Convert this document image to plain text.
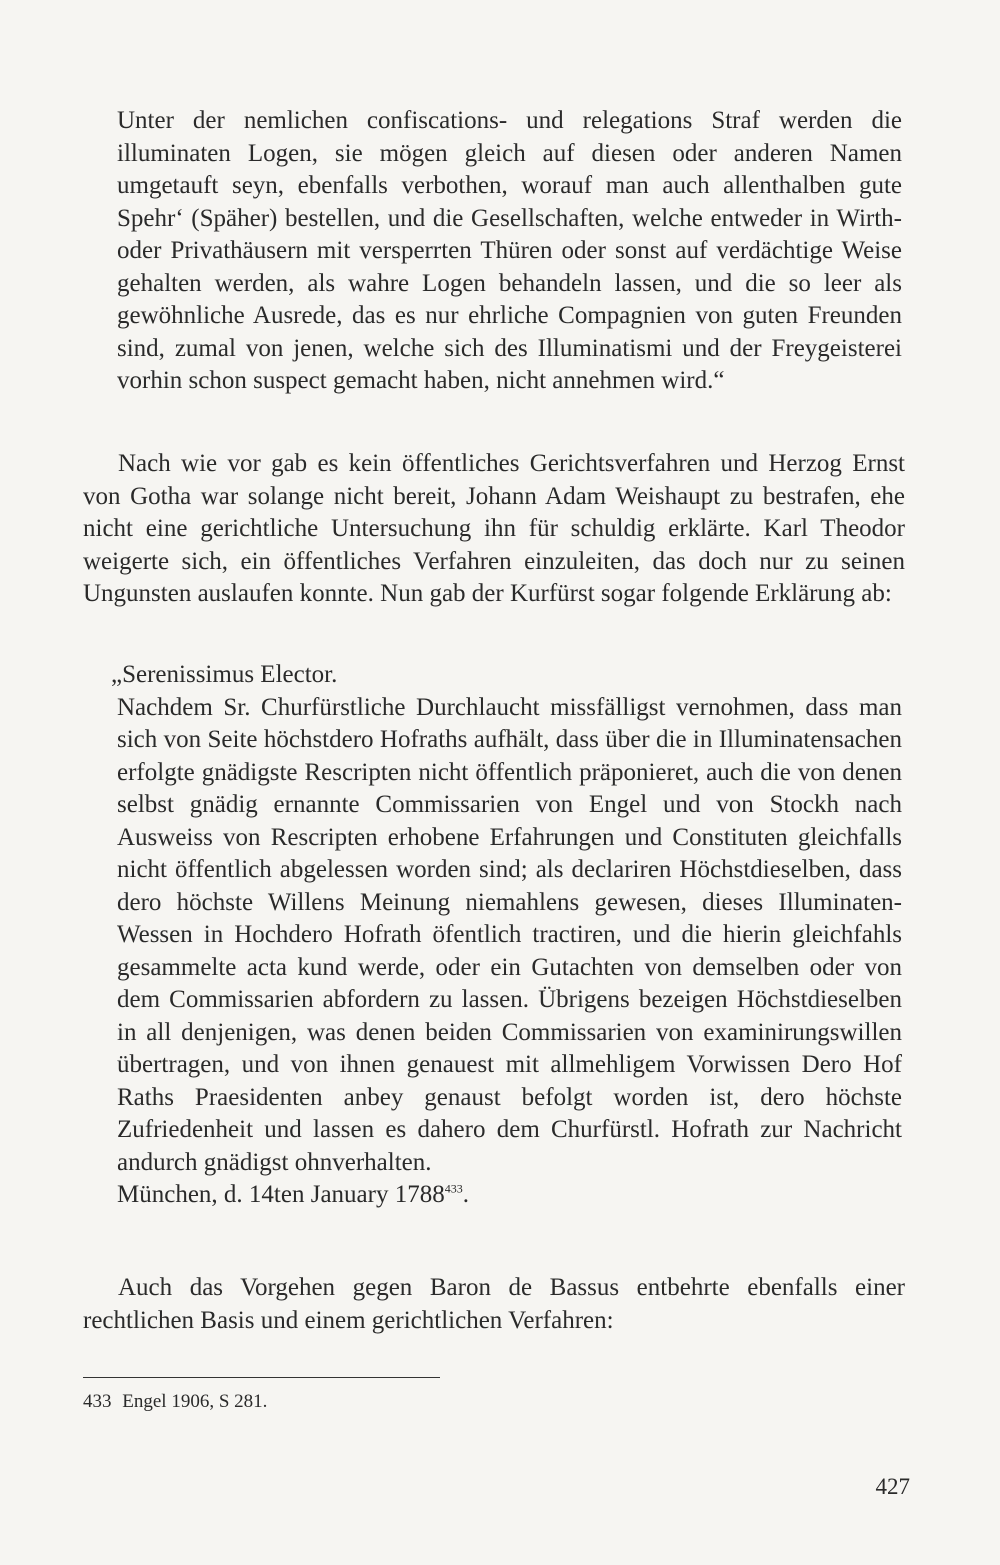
Unter der nemlichen confiscations- und relegations Straf werden die illuminaten Logen, sie mögen gleich auf diesen oder anderen Namen umgetauft seyn, ebenfalls verbothen, worauf man auch allenthalben gute Spehr‘ (Späher) bestellen, und die Gesellschaften, welche entweder in Wirth- oder Privathäusern mit versperrten Thüren oder sonst auf verdächtige Weise gehalten werden, als wahre Logen behandeln lassen, und die so leer als gewöhnliche Ausrede, das es nur ehrliche Compagnien von guten Freunden sind, zumal von jenen, welche sich des Illuminatismi und der Freygeisterei vorhin schon suspect gemacht haben, nicht annehmen wird.“

Nach wie vor gab es kein öffentliches Gerichtsverfahren und Herzog Ernst von Gotha war solange nicht bereit, Johann Adam Weishaupt zu bestrafen, ehe nicht eine gerichtliche Untersuchung ihn für schuldig erklärte. Karl Theodor weigerte sich, ein öffentliches Verfahren einzuleiten, das doch nur zu seinen Ungunsten auslaufen konnte. Nun gab der Kurfürst sogar folgende Erklärung ab:

„Serenissimus Elector.

Nachdem Sr. Churfürstliche Durchlaucht missfälligst vernohmen, dass man sich von Seite höchstdero Hofraths aufhält, dass über die in Illuminatensachen erfolgte gnädigste Rescripten nicht öffentlich präponieret, auch die von denen selbst gnädig ernannte Commissarien von Engel und von Stockh nach Ausweiss von Rescripten erhobene Erfahrungen und Constituten gleichfalls nicht öffentlich abgelessen worden sind; als declariren Höchstdieselben, dass dero höchste Willens Meinung niemahlens gewesen, dieses Illuminaten-Wessen in Hochdero Hofrath öfentlich tractiren, und die hierin gleichfahls gesammelte acta kund werde, oder ein Gutachten von demselben oder von dem Commissarien abfordern zu lassen. Übrigens bezeigen Höchstdieselben in all denjenigen, was denen beiden Commissarien von examinirungswillen übertragen, und von ihnen genauest mit allmehligem Vorwissen Dero Hof Raths Praesidenten anbey genaust befolgt worden ist, dero höchste Zufriedenheit und lassen es dahero dem Churfürstl. Hofrath zur Nachricht andurch gnädigst ohnverhalten.

München, d. 14ten January 1788$^{433}$.

Auch das Vorgehen gegen Baron de Bassus entbehrte ebenfalls einer rechtlichen Basis und einem gerichtlichen Verfahren:

433 Engel 1906, S 281.
427
